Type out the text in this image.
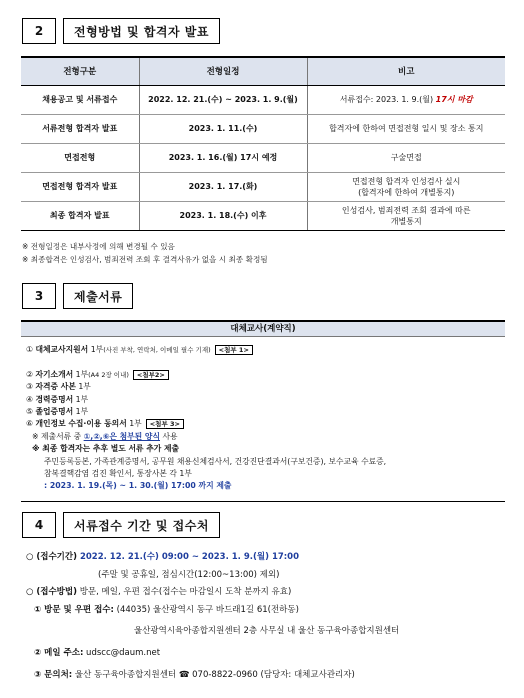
2	전형방법 및 합격자 발표
전형구분	전형일정	비고
채용공고 및 서류접수	2022. 12. 21.(수) ~ 2023. 1. 9.(월)	서류접수: 2023. 1. 9.(월) 17시 마감
서류전형 합격자 발표	2023. 1. 11.(수)	합격자에 한하여 면접전형 일시 및 장소 통지
면접전형	2023. 1. 16.(월) 17시 예정	구술면접
면접전형 합격자 발표	2023. 1. 17.(화)	면접전형 합격자 인성검사 실시
(합격자에 한하여 개별통지)

최종 합격자 발표	2023. 1. 18.(수) 이후	인성검사, 범죄전력 조회 결과에 따른
개별통지
※ 전형일정은 내부사정에 의해 변경될 수 있음
※ 최종합격은 인성검사, 범죄전력 조회 후 결격사유가 없을 시 최종 확정됨
3	제출서류
대체교사(계약직)
① 대체교사지원서 1부(사진 부착, 연락처, 이메일 필수 기재) <첨부 1>
② 자기소개서 1부(A4 2장 이내) <첨부2>
③ 자격증 사본 1부
④ 경력증명서 1부
⑤ 졸업증명서 1부
⑥ 개인정보 수집·이용 동의서 1부 <첨부 3>
※ 제출서류 중 ①,②,⑥은 첨부된 양식 사용
※ 최종 합격자는 추후 별도 서류 추가 제출
주민등록등본, 가족관계증명서, 공무원 채용신체검사서, 건강진단결과서(구보건증), 보수교육 수료증,
참복결핵감염 검진 확인서, 통장사본 각 1부
: 2023. 1. 19.(목) ~ 1. 30.(월) 17:00 까지 제출
4	서류접수 기간 및 접수처
○ (접수기간) 2022. 12. 21.(수) 09:00 ~ 2023. 1. 9.(월) 17:00
(주말 및 공휴일, 점심시간(12:00~13:00) 제외)
○ (접수방법) 방문, 메일, 우편 접수(접수는 마감일시 도착 분까지 유효)
① 방문 및 우편 접수: (44035) 울산광역시 동구 바드래1길 61(전하동)
울산광역시육아종합지원센터 2층 사무실 내 울산 동구육아종합지원센터
② 메일 주소: udscc@daum.net
③ 문의처: 울산 동구육아종합지원센터 ☎ 070-8822-0960 (담당자: 대체교사관리자)
